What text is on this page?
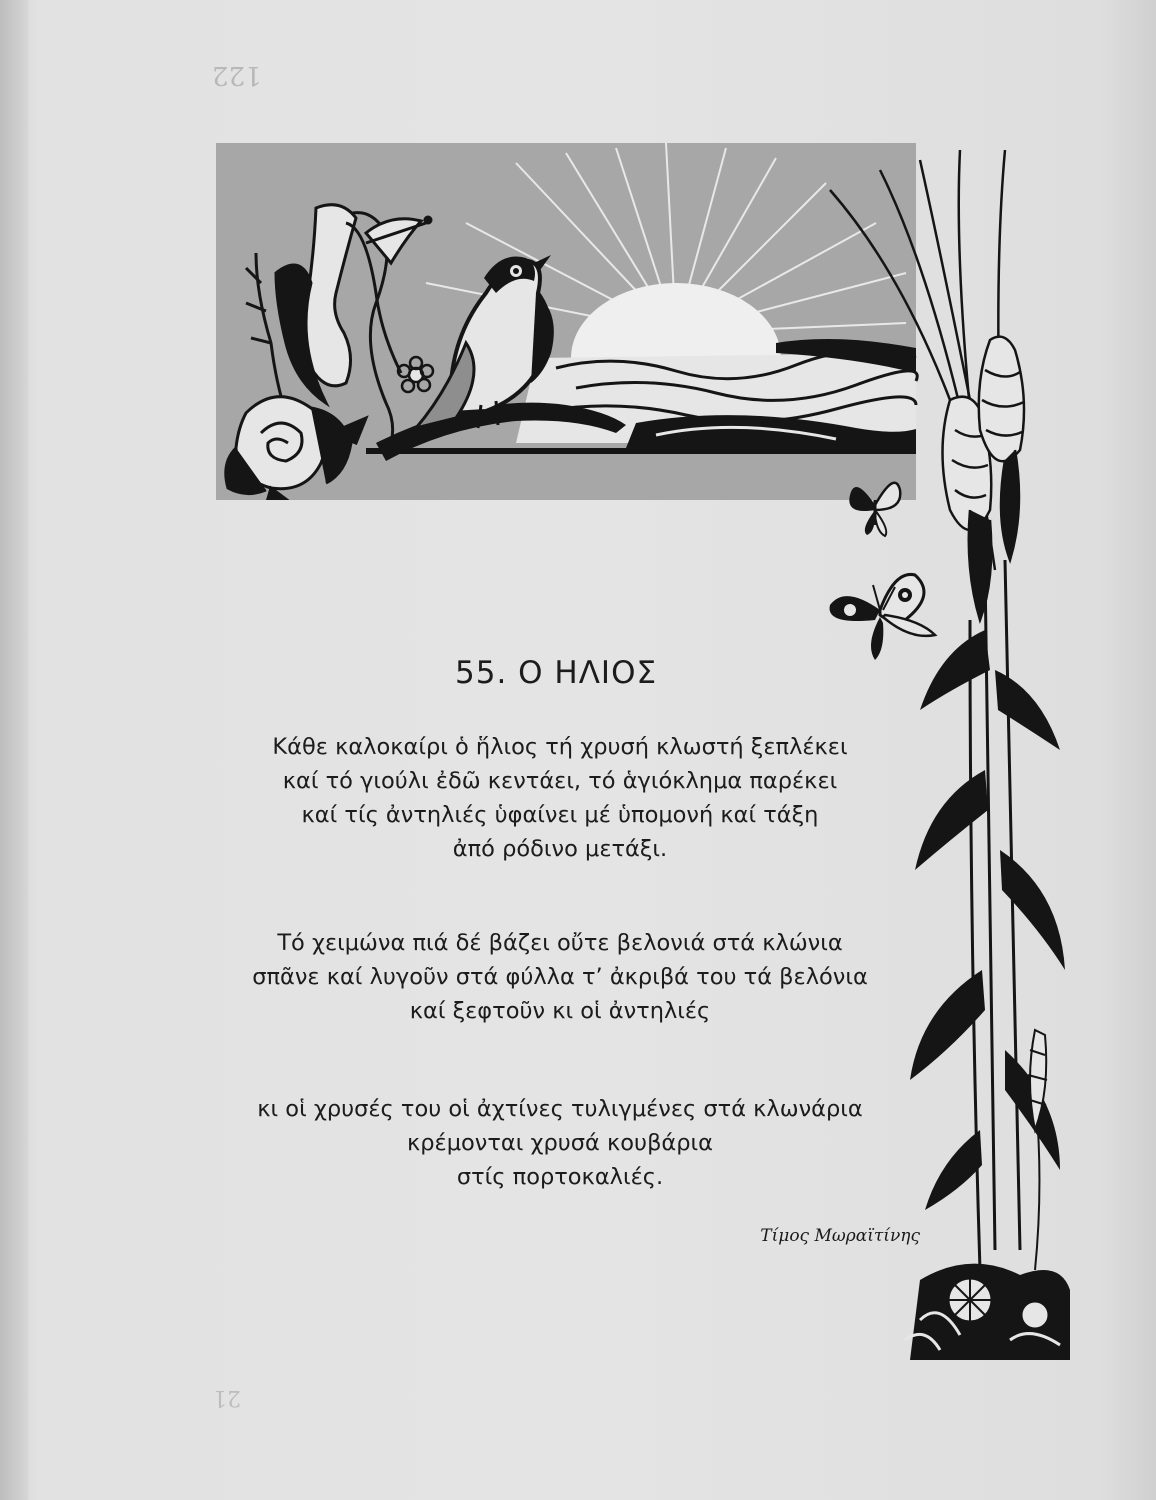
122
55. Ο ΗΛΙΟΣ
Κάθε καλοκαίρι ὁ ἥλιος τή χρυσή κλωστή ξεπλέκει
καί τό γιούλι ἐδῶ κεντάει, τό ἁγιόκλημα παρέκει
καί τίς ἀντηλιές ὑφαίνει μέ ὑπομονή καί τάξη
ἀπό ρόδινο μετάξι.
Τό χειμώνα πιά δέ βάζει οὔτε βελονιά στά κλώνια
σπᾶνε καί λυγοῦν στά φύλλα τ’ ἀκριβά του τά βελόνια
καί ξεφτοῦν κι οἱ ἀντηλιές
κι οἱ χρυσές του οἱ ἀχτίνες τυλιγμένες στά κλωνάρια
κρέμονται χρυσά κουβάρια
στίς πορτοκαλιές.
Τίμος Μωραϊτίνης
21
